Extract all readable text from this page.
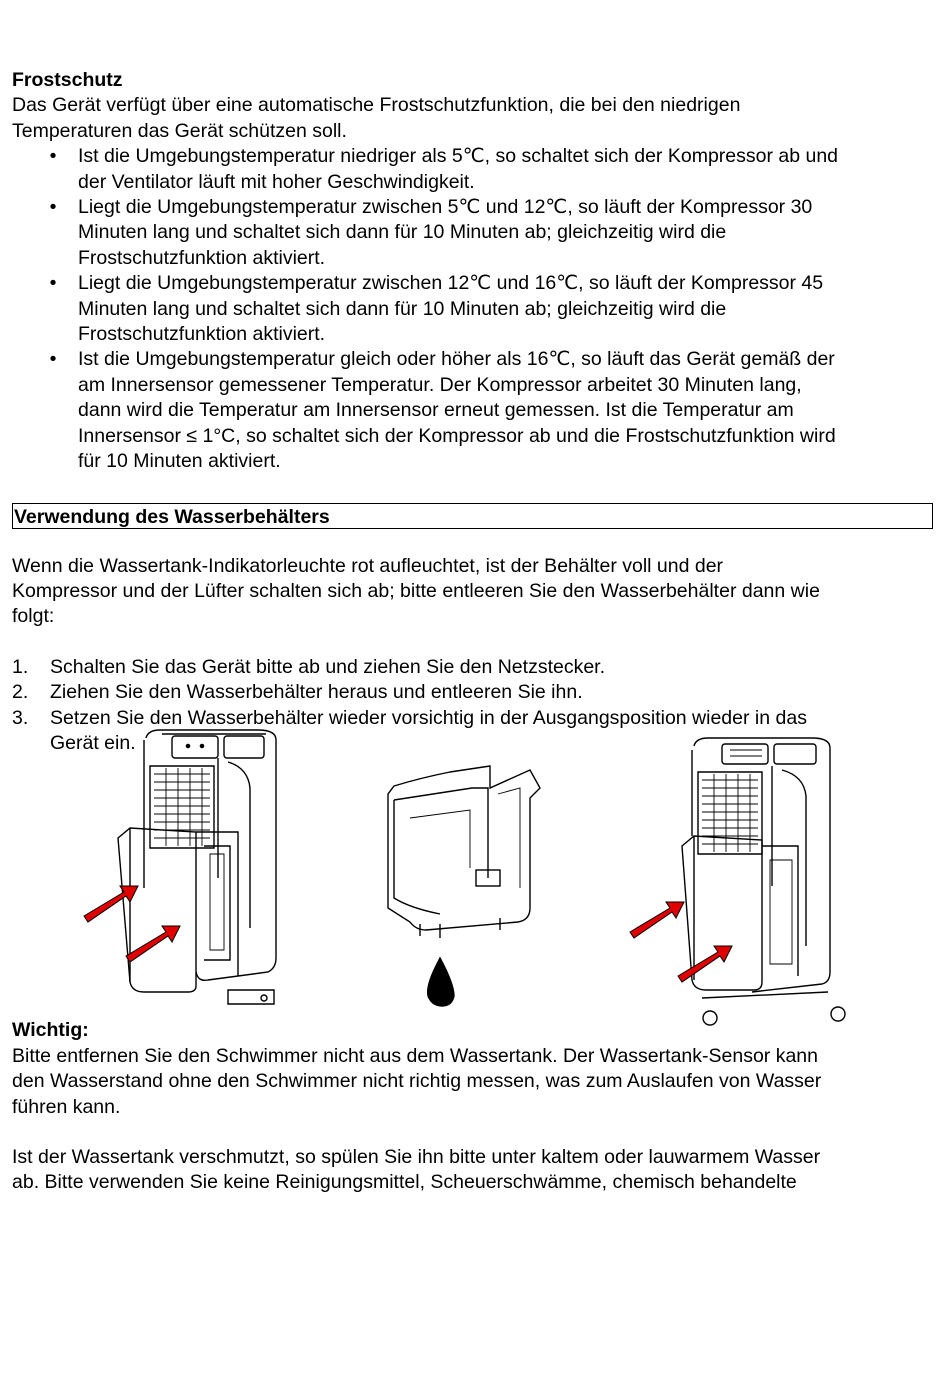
Frostschutz

Das Gerät verfügt über eine automatische Frostschutzfunktion, die bei den niedrigen

Temperaturen das Gerät schützen soll.

• Ist die Umgebungstemperatur niedriger als 5℃, so schaltet sich der Kompressor ab und

der Ventilator läuft mit hoher Geschwindigkeit.

• Liegt die Umgebungstemperatur zwischen 5℃ und 12℃, so läuft der Kompressor 30

Minuten lang und schaltet sich dann für 10 Minuten ab; gleichzeitig wird die

Frostschutzfunktion aktiviert.

• Liegt die Umgebungstemperatur zwischen 12℃ und 16℃, so läuft der Kompressor 45

Minuten lang und schaltet sich dann für 10 Minuten ab; gleichzeitig wird die

Frostschutzfunktion aktiviert.

• Ist die Umgebungstemperatur gleich oder höher als 16℃, so läuft das Gerät gemäß der

am Innersensor gemessener Temperatur. Der Kompressor arbeitet 30 Minuten lang,

dann wird die Temperatur am Innersensor erneut gemessen. Ist die Temperatur am

Innersensor ≤ 1°C, so schaltet sich der Kompressor ab und die Frostschutzfunktion wird

für 10 Minuten aktiviert.

Verwendung des Wasserbehälters

Wenn die Wassertank-Indikatorleuchte rot aufleuchtet, ist der Behälter voll und der

Kompressor und der Lüfter schalten sich ab; bitte entleeren Sie den Wasserbehälter dann wie

folgt:

1. Schalten Sie das Gerät bitte ab und ziehen Sie den Netzstecker.

2. Ziehen Sie den Wasserbehälter heraus und entleeren Sie ihn.

3. Setzen Sie den Wasserbehälter wieder vorsichtig in der Ausgangsposition wieder in das

Gerät ein.

Wichtig:

Bitte entfernen Sie den Schwimmer nicht aus dem Wassertank. Der Wassertank-Sensor kann

den Wasserstand ohne den Schwimmer nicht richtig messen, was zum Auslaufen von Wasser

führen kann.

Ist der Wassertank verschmutzt, so spülen Sie ihn bitte unter kaltem oder lauwarmem Wasser

ab. Bitte verwenden Sie keine Reinigungsmittel, Scheuerschwämme, chemisch behandelte
